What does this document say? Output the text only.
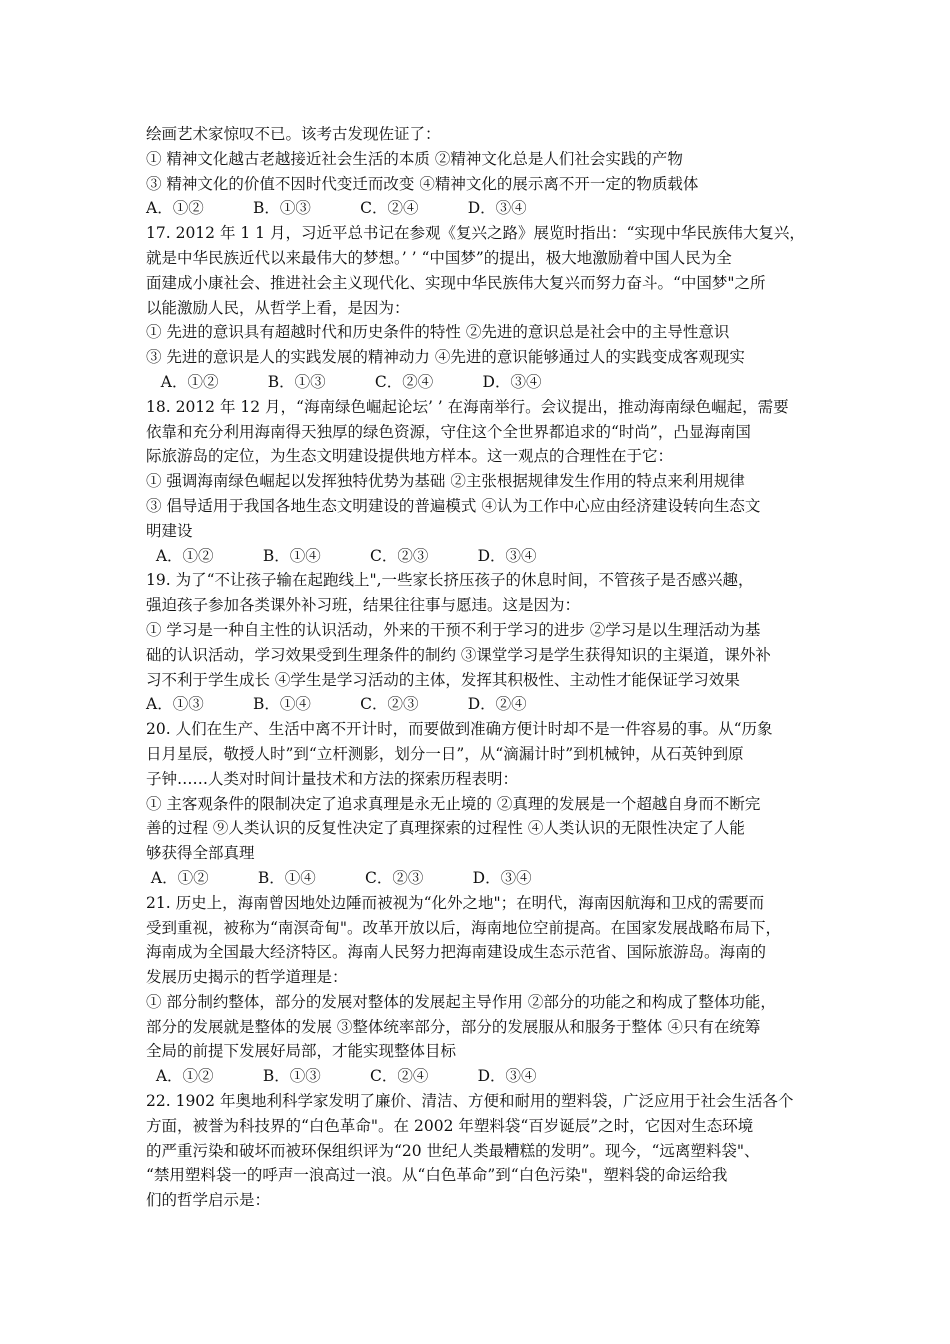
绘画艺术家惊叹不已。该考古发现佐证了：
① 精神文化越古老越接近社会生活的本质 ②精神文化总是人们社会实践的产物
③ 精神文化的价值不因时代变迁而改变 ④精神文化的展示离不开一定的物质载体
A．①②          B．①③          C．②④          D．③④
17. 2012 年 1 1 月，习近平总书记在参观《复兴之路》展览时指出：“实现中华民族伟大复兴，
就是中华民族近代以来最伟大的梦想。’ ’ “中国梦”的提出，极大地激励着中国人民为全
面建成小康社会、推进社会主义现代化、实现中华民族伟大复兴而努力奋斗。“中国梦"之所
以能激励人民，从哲学上看，是因为：
① 先进的意识具有超越时代和历史条件的特性 ②先进的意识总是社会中的主导性意识
③ 先进的意识是人的实践发展的精神动力 ④先进的意识能够通过人的实践变成客观现实
A．①②          B．①③          C．②④          D．③④
18. 2012 年 12 月，“海南绿色崛起论坛’ ’ 在海南举行。会议提出，推动海南绿色崛起，需要
依靠和充分利用海南得天独厚的绿色资源，守住这个全世界都追求的“时尚”，凸显海南国
际旅游岛的定位，为生态文明建设提供地方样本。这一观点的合理性在于它：
① 强调海南绿色崛起以发挥独特优势为基础 ②主张根据规律发生作用的特点来利用规律
③ 倡导适用于我国各地生态文明建设的普遍模式 ④认为工作中心应由经济建设转向生态文
明建设
A．①②          B．①④          C．②③          D．③④
19. 为了“不让孩子输在起跑线上",一些家长挤压孩子的休息时间，不管孩子是否感兴趣，
强迫孩子参加各类课外补习班，结果往往事与愿违。这是因为：
① 学习是一种自主性的认识活动，外来的干预不利于学习的进步 ②学习是以生理活动为基
础的认识活动，学习效果受到生理条件的制约 ③课堂学习是学生获得知识的主渠道，课外补
习不利于学生成长 ④学生是学习活动的主体，发挥其积极性、主动性才能保证学习效果
A．①③          B．①④          C．②③          D．②④
20. 人们在生产、生活中离不开计时，而要做到准确方便计时却不是一件容易的事。从“历象
日月星辰，敬授人时”到“立杆测影，划分一日”，从“滴漏计时”到机械钟，从石英钟到原
子钟……人类对时间计量技术和方法的探索历程表明：
① 主客观条件的限制决定了追求真理是永无止境的 ②真理的发展是一个超越自身而不断完
善的过程 ⑨人类认识的反复性决定了真理探索的过程性 ④人类认识的无限性决定了人能
够获得全部真理
A．①②          B．①④          C．②③          D．③④
21. 历史上，海南曾因地处边陲而被视为“化外之地"；在明代，海南因航海和卫戍的需要而
受到重视，被称为“南溟奇甸"。改革开放以后，海南地位空前提高。在国家发展战略布局下，
海南成为全国最大经济特区。海南人民努力把海南建设成生态示范省、国际旅游岛。海南的
发展历史揭示的哲学道理是：
① 部分制约整体，部分的发展对整体的发展起主导作用 ②部分的功能之和构成了整体功能，
部分的发展就是整体的发展 ③整体统率部分，部分的发展服从和服务于整体 ④只有在统筹
全局的前提下发展好局部，才能实现整体目标
A．①②          B．①③          C．②④          D．③④
22. 1902 年奥地利科学家发明了廉价、清洁、方便和耐用的塑料袋，广泛应用于社会生活各个
方面，被誉为科技界的“白色革命"。在 2002 年塑料袋“百岁诞辰”之时，它因对生态环境
的严重污染和破坏而被环保组织评为“20 世纪人类最糟糕的发明”。现今，“远离塑料袋"、
“禁用塑料袋一的呼声一浪高过一浪。从“白色革命”到“白色污染"，塑料袋的命运给我
们的哲学启示是：
